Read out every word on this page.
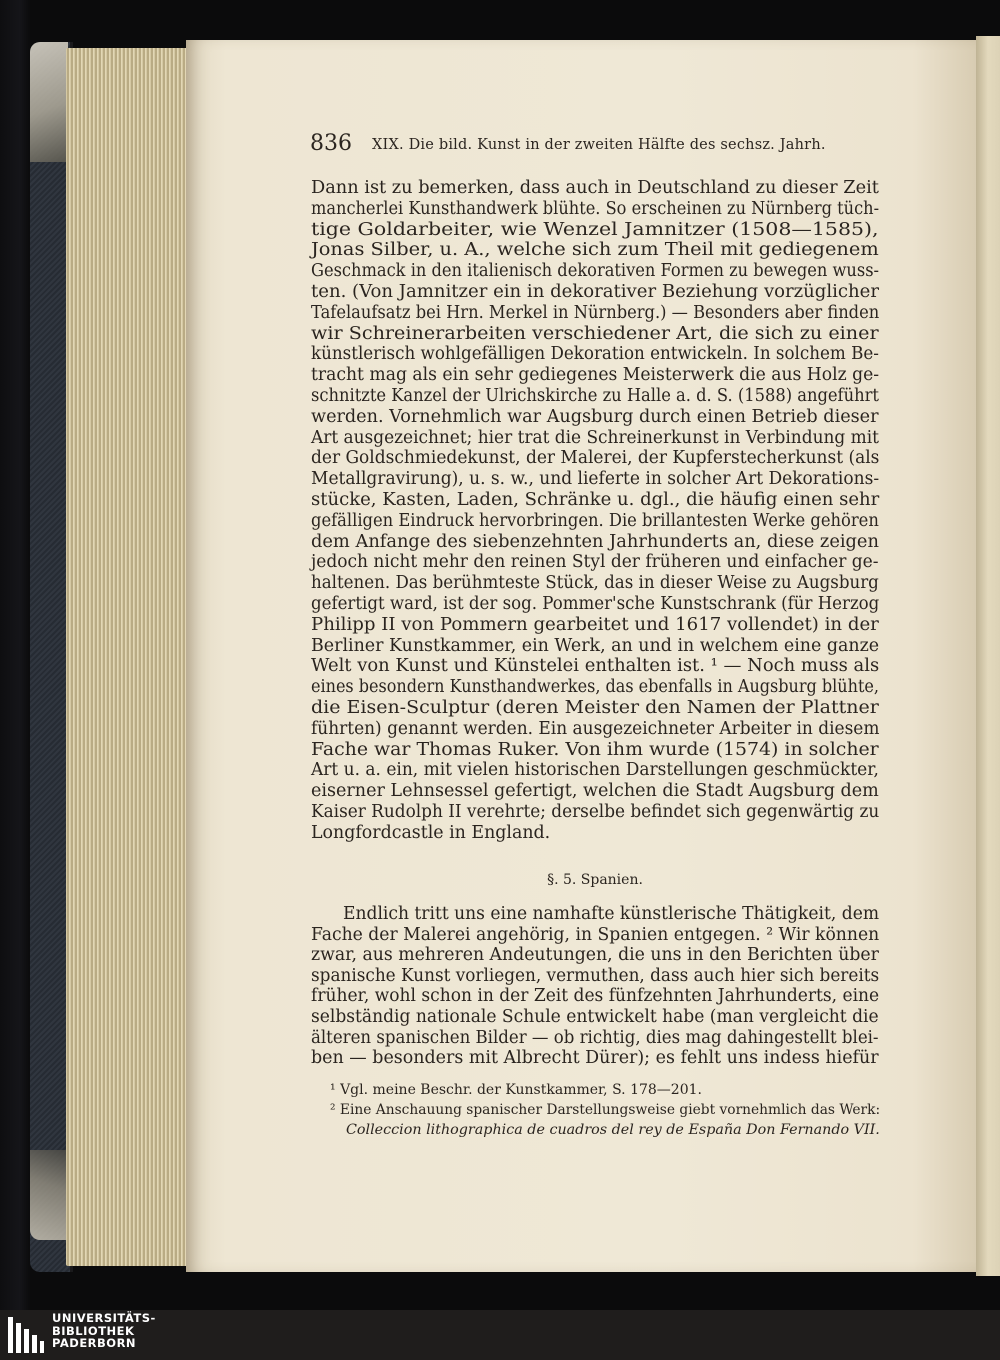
836 XIX. Die bild. Kunst in der zweiten Hälfte des sechsz. Jahrh.
§. 5. Spanien.
Dann ist zu bemerken, dass auch in Deutschland zu dieser Zeit
mancherlei Kunsthandwerk blühte. So erscheinen zu Nürnberg tüch-
tige Goldarbeiter, wie Wenzel Jamnitzer (1508—1585),
Jonas Silber, u. A., welche sich zum Theil mit gediegenem
Geschmack in den italienisch dekorativen Formen zu bewegen wuss-
ten. (Von Jamnitzer ein in dekorativer Beziehung vorzüglicher
Tafelaufsatz bei Hrn. Merkel in Nürnberg.) — Besonders aber finden
wir Schreinerarbeiten verschiedener Art, die sich zu einer
künstlerisch wohlgefälligen Dekoration entwickeln. In solchem Be-
tracht mag als ein sehr gediegenes Meisterwerk die aus Holz ge-
schnitzte Kanzel der Ulrichskirche zu Halle a. d. S. (1588) angeführt
werden. Vornehmlich war Augsburg durch einen Betrieb dieser
Art ausgezeichnet; hier trat die Schreinerkunst in Verbindung mit
der Goldschmiedekunst, der Malerei, der Kupferstecherkunst (als
Metallgravirung), u. s. w., und lieferte in solcher Art Dekorations-
stücke, Kasten, Laden, Schränke u. dgl., die häufig einen sehr
gefälligen Eindruck hervorbringen. Die brillantesten Werke gehören
dem Anfange des siebenzehnten Jahrhunderts an, diese zeigen
jedoch nicht mehr den reinen Styl der früheren und einfacher ge-
haltenen. Das berühmteste Stück, das in dieser Weise zu Augsburg
gefertigt ward, ist der sog. Pommer'sche Kunstschrank (für Herzog
Philipp II von Pommern gearbeitet und 1617 vollendet) in der
Berliner Kunstkammer, ein Werk, an und in welchem eine ganze
Welt von Kunst und Künstelei enthalten ist. ¹ — Noch muss als
eines besondern Kunsthandwerkes, das ebenfalls in Augsburg blühte,
die Eisen-Sculptur (deren Meister den Namen der Plattner
führten) genannt werden. Ein ausgezeichneter Arbeiter in diesem
Fache war Thomas Ruker. Von ihm wurde (1574) in solcher
Art u. a. ein, mit vielen historischen Darstellungen geschmückter,
eiserner Lehnsessel gefertigt, welchen die Stadt Augsburg dem
Kaiser Rudolph II verehrte; derselbe befindet sich gegenwärtig zu
Longfordcastle in England.
Endlich tritt uns eine namhafte künstlerische Thätigkeit, dem
Fache der Malerei angehörig, in Spanien entgegen. ² Wir können
zwar, aus mehreren Andeutungen, die uns in den Berichten über
spanische Kunst vorliegen, vermuthen, dass auch hier sich bereits
früher, wohl schon in der Zeit des fünfzehnten Jahrhunderts, eine
selbständig nationale Schule entwickelt habe (man vergleicht die
älteren spanischen Bilder — ob richtig, dies mag dahingestellt blei-
ben — besonders mit Albrecht Dürer); es fehlt uns indess hiefür
¹ Vgl. meine Beschr. der Kunstkammer, S. 178—201.
² Eine Anschauung spanischer Darstellungsweise giebt vornehmlich das Werk:
Colleccion lithographica de cuadros del rey de España Don Fernando VII.
UNIVERSITÄTS-
BIBLIOTHEK
PADERBORN
